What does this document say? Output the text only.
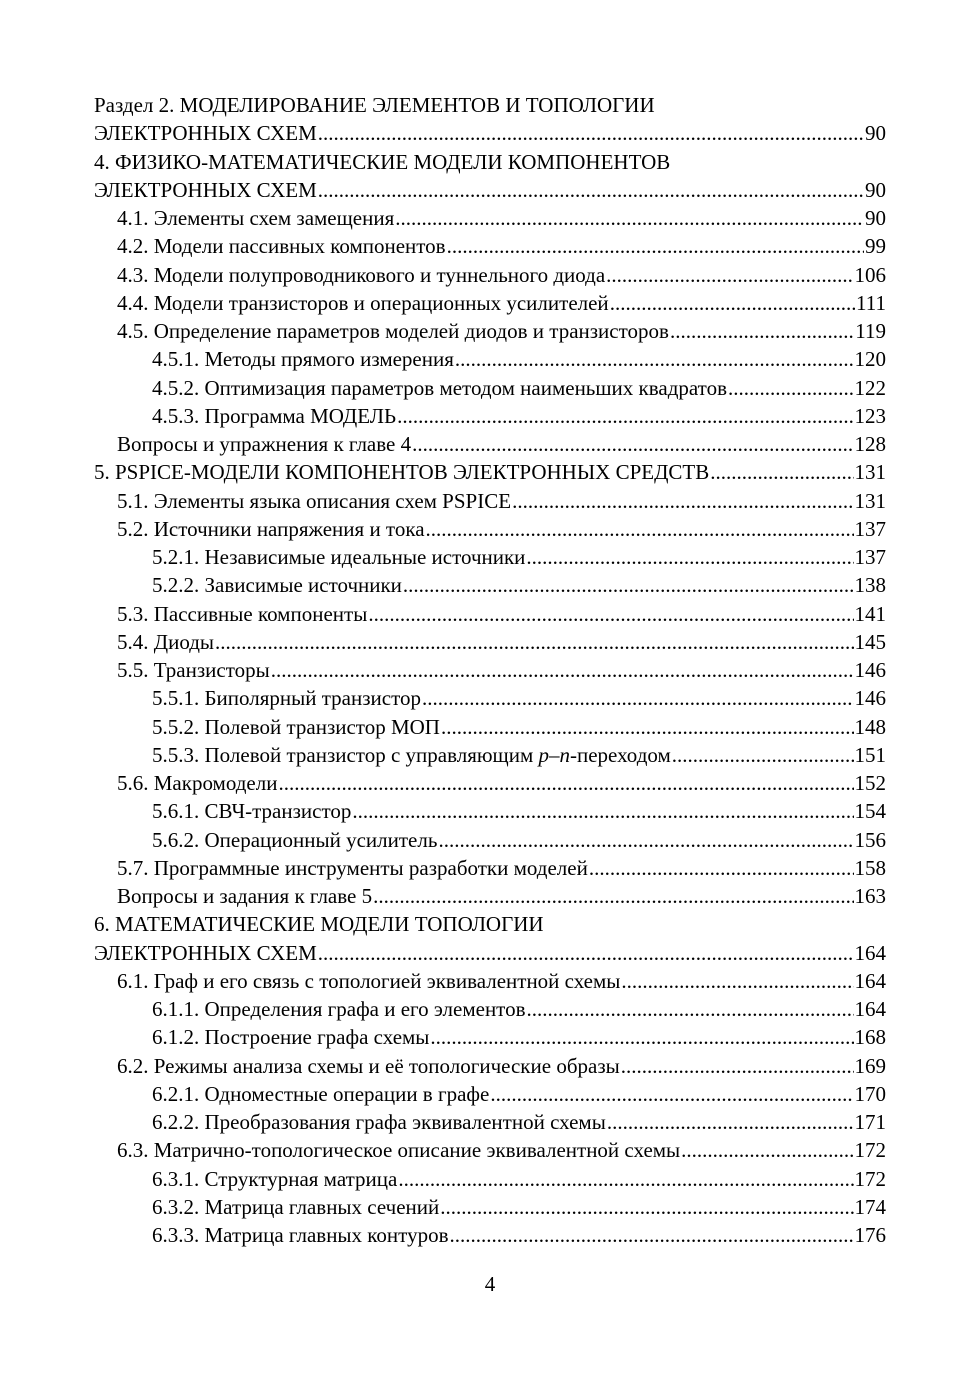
Раздел 2. МОДЕЛИРОВАНИЕ ЭЛЕМЕНТОВ И ТОПОЛОГИИ
ЭЛЕКТРОННЫХ СХЕМ .....	90
4. ФИЗИКО-МАТЕМАТИЧЕСКИЕ МОДЕЛИ КОМПОНЕНТОВ
ЭЛЕКТРОННЫХ СХЕМ .....	90
4.1. Элементы схем замещения .....	90
4.2. Модели пассивных компонентов .....	99
4.3. Модели полупроводникового и туннельного диода .....	106
4.4. Модели транзисторов и операционных усилителей .....	111
4.5. Определение параметров моделей диодов и транзисторов .....	119
4.5.1. Методы прямого измерения .....	120
4.5.2. Оптимизация параметров методом наименьших квадратов .....	122
4.5.3. Программа МОДЕЛЬ .....	123
Вопросы и упражнения к главе 4 .....	128
5. PSPICE-МОДЕЛИ КОМПОНЕНТОВ ЭЛЕКТРОННЫХ СРЕДСТВ .....	131
5.1. Элементы языка описания схем PSPICE .....	131
5.2. Источники напряжения и тока .....	137
5.2.1. Независимые идеальные источники .....	137
5.2.2. Зависимые источники .....	138
5.3. Пассивные компоненты .....	141
5.4. Диоды .....	145
5.5. Транзисторы .....	146
5.5.1. Биполярный транзистор .....	146
5.5.2. Полевой транзистор МОП .....	148
5.5.3. Полевой транзистор с управляющим p–n-переходом .....	151
5.6. Макромодели .....	152
5.6.1. СВЧ-транзистор .....	154
5.6.2. Операционный усилитель .....	156
5.7. Программные инструменты разработки моделей .....	158
Вопросы и задания к главе 5 .....	163
6. МАТЕМАТИЧЕСКИЕ МОДЕЛИ ТОПОЛОГИИ
ЭЛЕКТРОННЫХ СХЕМ .....	164
6.1. Граф и его связь с топологией эквивалентной схемы .....	164
6.1.1. Определения графа и его элементов .....	164
6.1.2. Построение графа схемы .....	168
6.2. Режимы анализа схемы и её топологические образы .....	169
6.2.1. Одноместные операции в графе .....	170
6.2.2. Преобразования графа эквивалентной схемы .....	171
6.3. Матрично-топологическое описание эквивалентной схемы .....	172
6.3.1. Структурная матрица .....	172
6.3.2. Матрица главных сечений .....	174
6.3.3. Матрица главных контуров .....	176
4
